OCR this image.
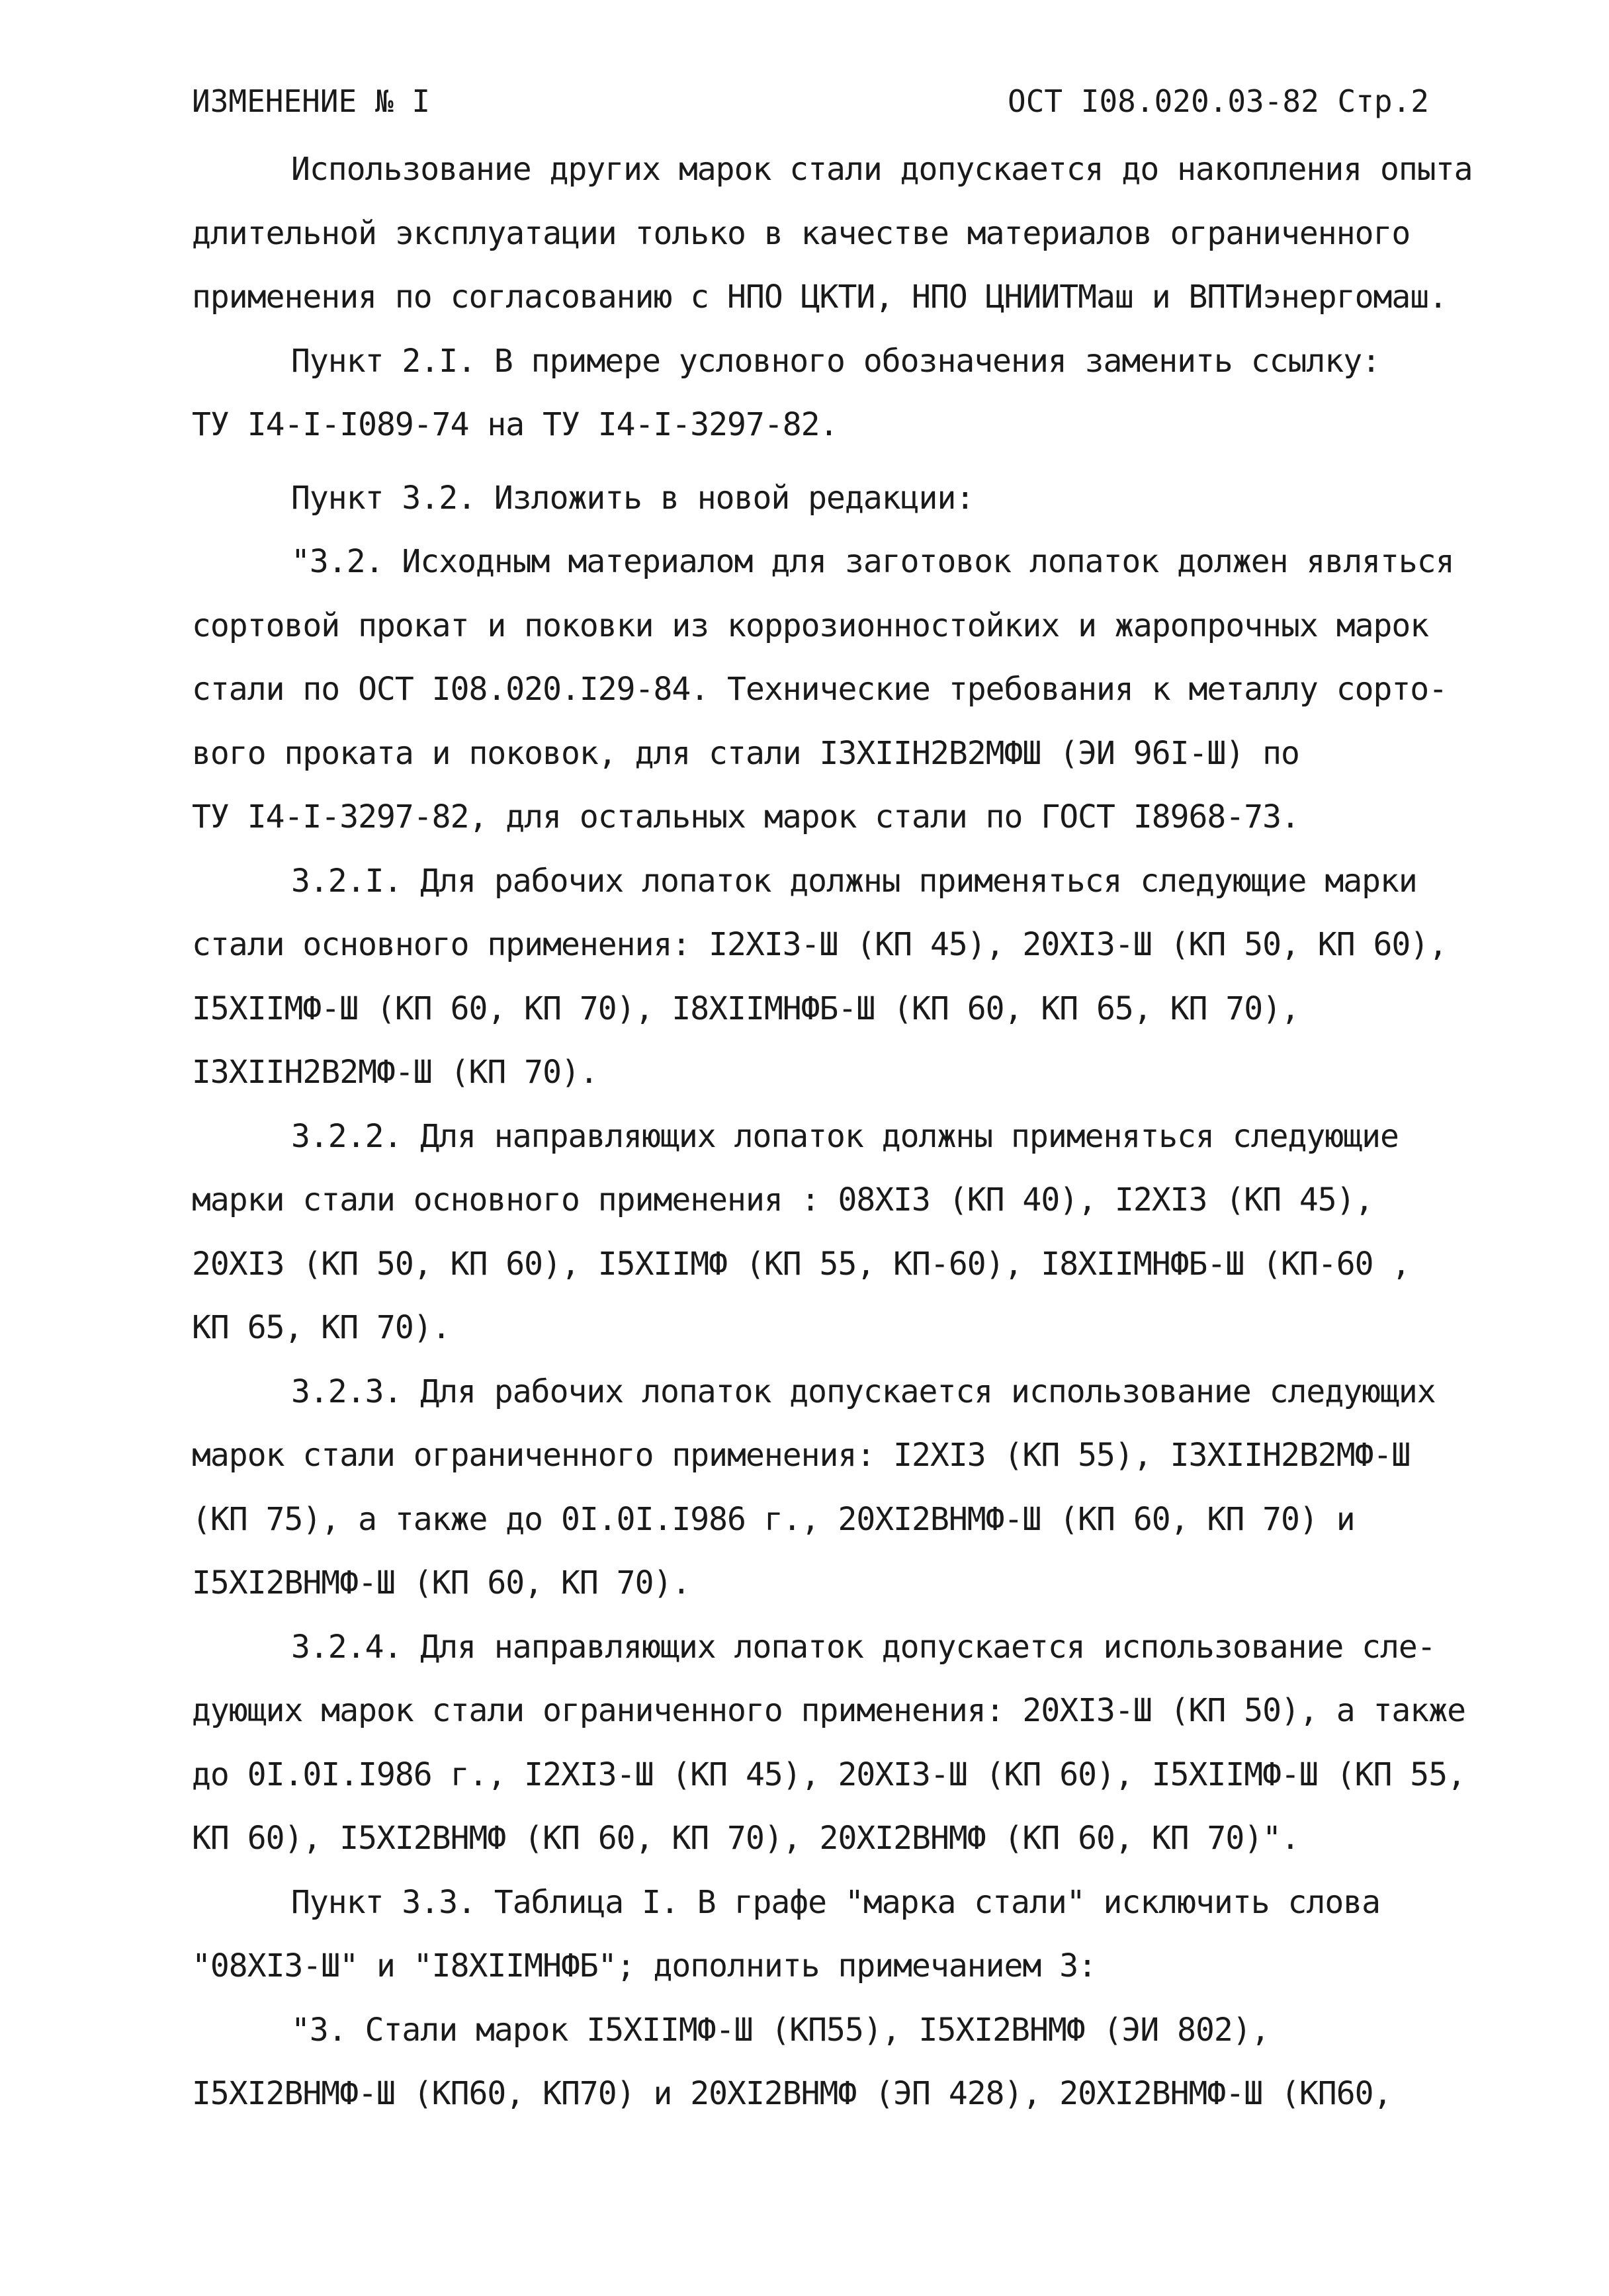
ИЗМЕНЕНИЕ № I	ОСТ I08.020.03-82 Стр.2
Использование других марок стали допускается до накопления опыта
длительной эксплуатации только в качестве материалов ограниченного
применения по согласованию с НПО ЦКТИ, НПО ЦНИИТМаш и ВПТИэнергомаш.
Пункт 2.I. В примере условного обозначения заменить ссылку:
ТУ I4-I-I089-74 на ТУ I4-I-3297-82.
Пункт 3.2. Изложить в новой редакции:
"3.2. Исходным материалом для заготовок лопаток должен являться
сортовой прокат и поковки из коррозионностойких и жаропрочных марок
стали по ОСТ I08.020.I29-84. Технические требования к металлу сорто-
вого проката и поковок, для стали I3XIIH2B2МФШ (ЭИ 96I-Ш) по
ТУ I4-I-3297-82, для остальных марок стали по ГОСТ I8968-73.
3.2.I. Для рабочих лопаток должны применяться следующие марки
стали основного применения: I2XI3-Ш (КП 45), 20XI3-Ш (КП 50, КП 60),
I5XIIМФ-Ш (КП 60, КП 70), I8XIIМНФБ-Ш (КП 60, КП 65, КП 70),
I3XIIH2B2МФ-Ш (КП 70).
3.2.2. Для направляющих лопаток должны применяться следующие
марки стали основного применения : 08XI3 (КП 40), I2XI3 (КП 45),
20XI3 (КП 50, КП 60), I5XIIМФ (КП 55, КП-60), I8XIIМНФБ-Ш (КП-60 ,
КП 65, КП 70).
3.2.3. Для рабочих лопаток допускается использование следующих
марок стали ограниченного применения: I2XI3 (КП 55), I3XIIH2B2МФ-Ш
(КП 75), а также до 0I.0I.I986 г., 20XI2ВНМФ-Ш (КП 60, КП 70) и
I5XI2ВНМФ-Ш (КП 60, КП 70).
3.2.4. Для направляющих лопаток допускается использование сле-
дующих марок стали ограниченного применения: 20XI3-Ш (КП 50), а также
до 0I.0I.I986 г., I2XI3-Ш (КП 45), 20XI3-Ш (КП 60), I5XIIМФ-Ш (КП 55,
КП 60), I5XI2ВНМФ (КП 60, КП 70), 20XI2ВНМФ (КП 60, КП 70)".
Пункт 3.3. Таблица I. В графе "марка стали" исключить слова
"08XI3-Ш" и "I8XIIМНФБ"; дополнить примечанием 3:
"3. Стали марок I5XIIМФ-Ш (КП55), I5XI2ВНМФ (ЭИ 802),
I5XI2ВНМФ-Ш (КП60, КП70) и 20XI2ВНМФ (ЭП 428), 20XI2ВНМФ-Ш (КП60,
